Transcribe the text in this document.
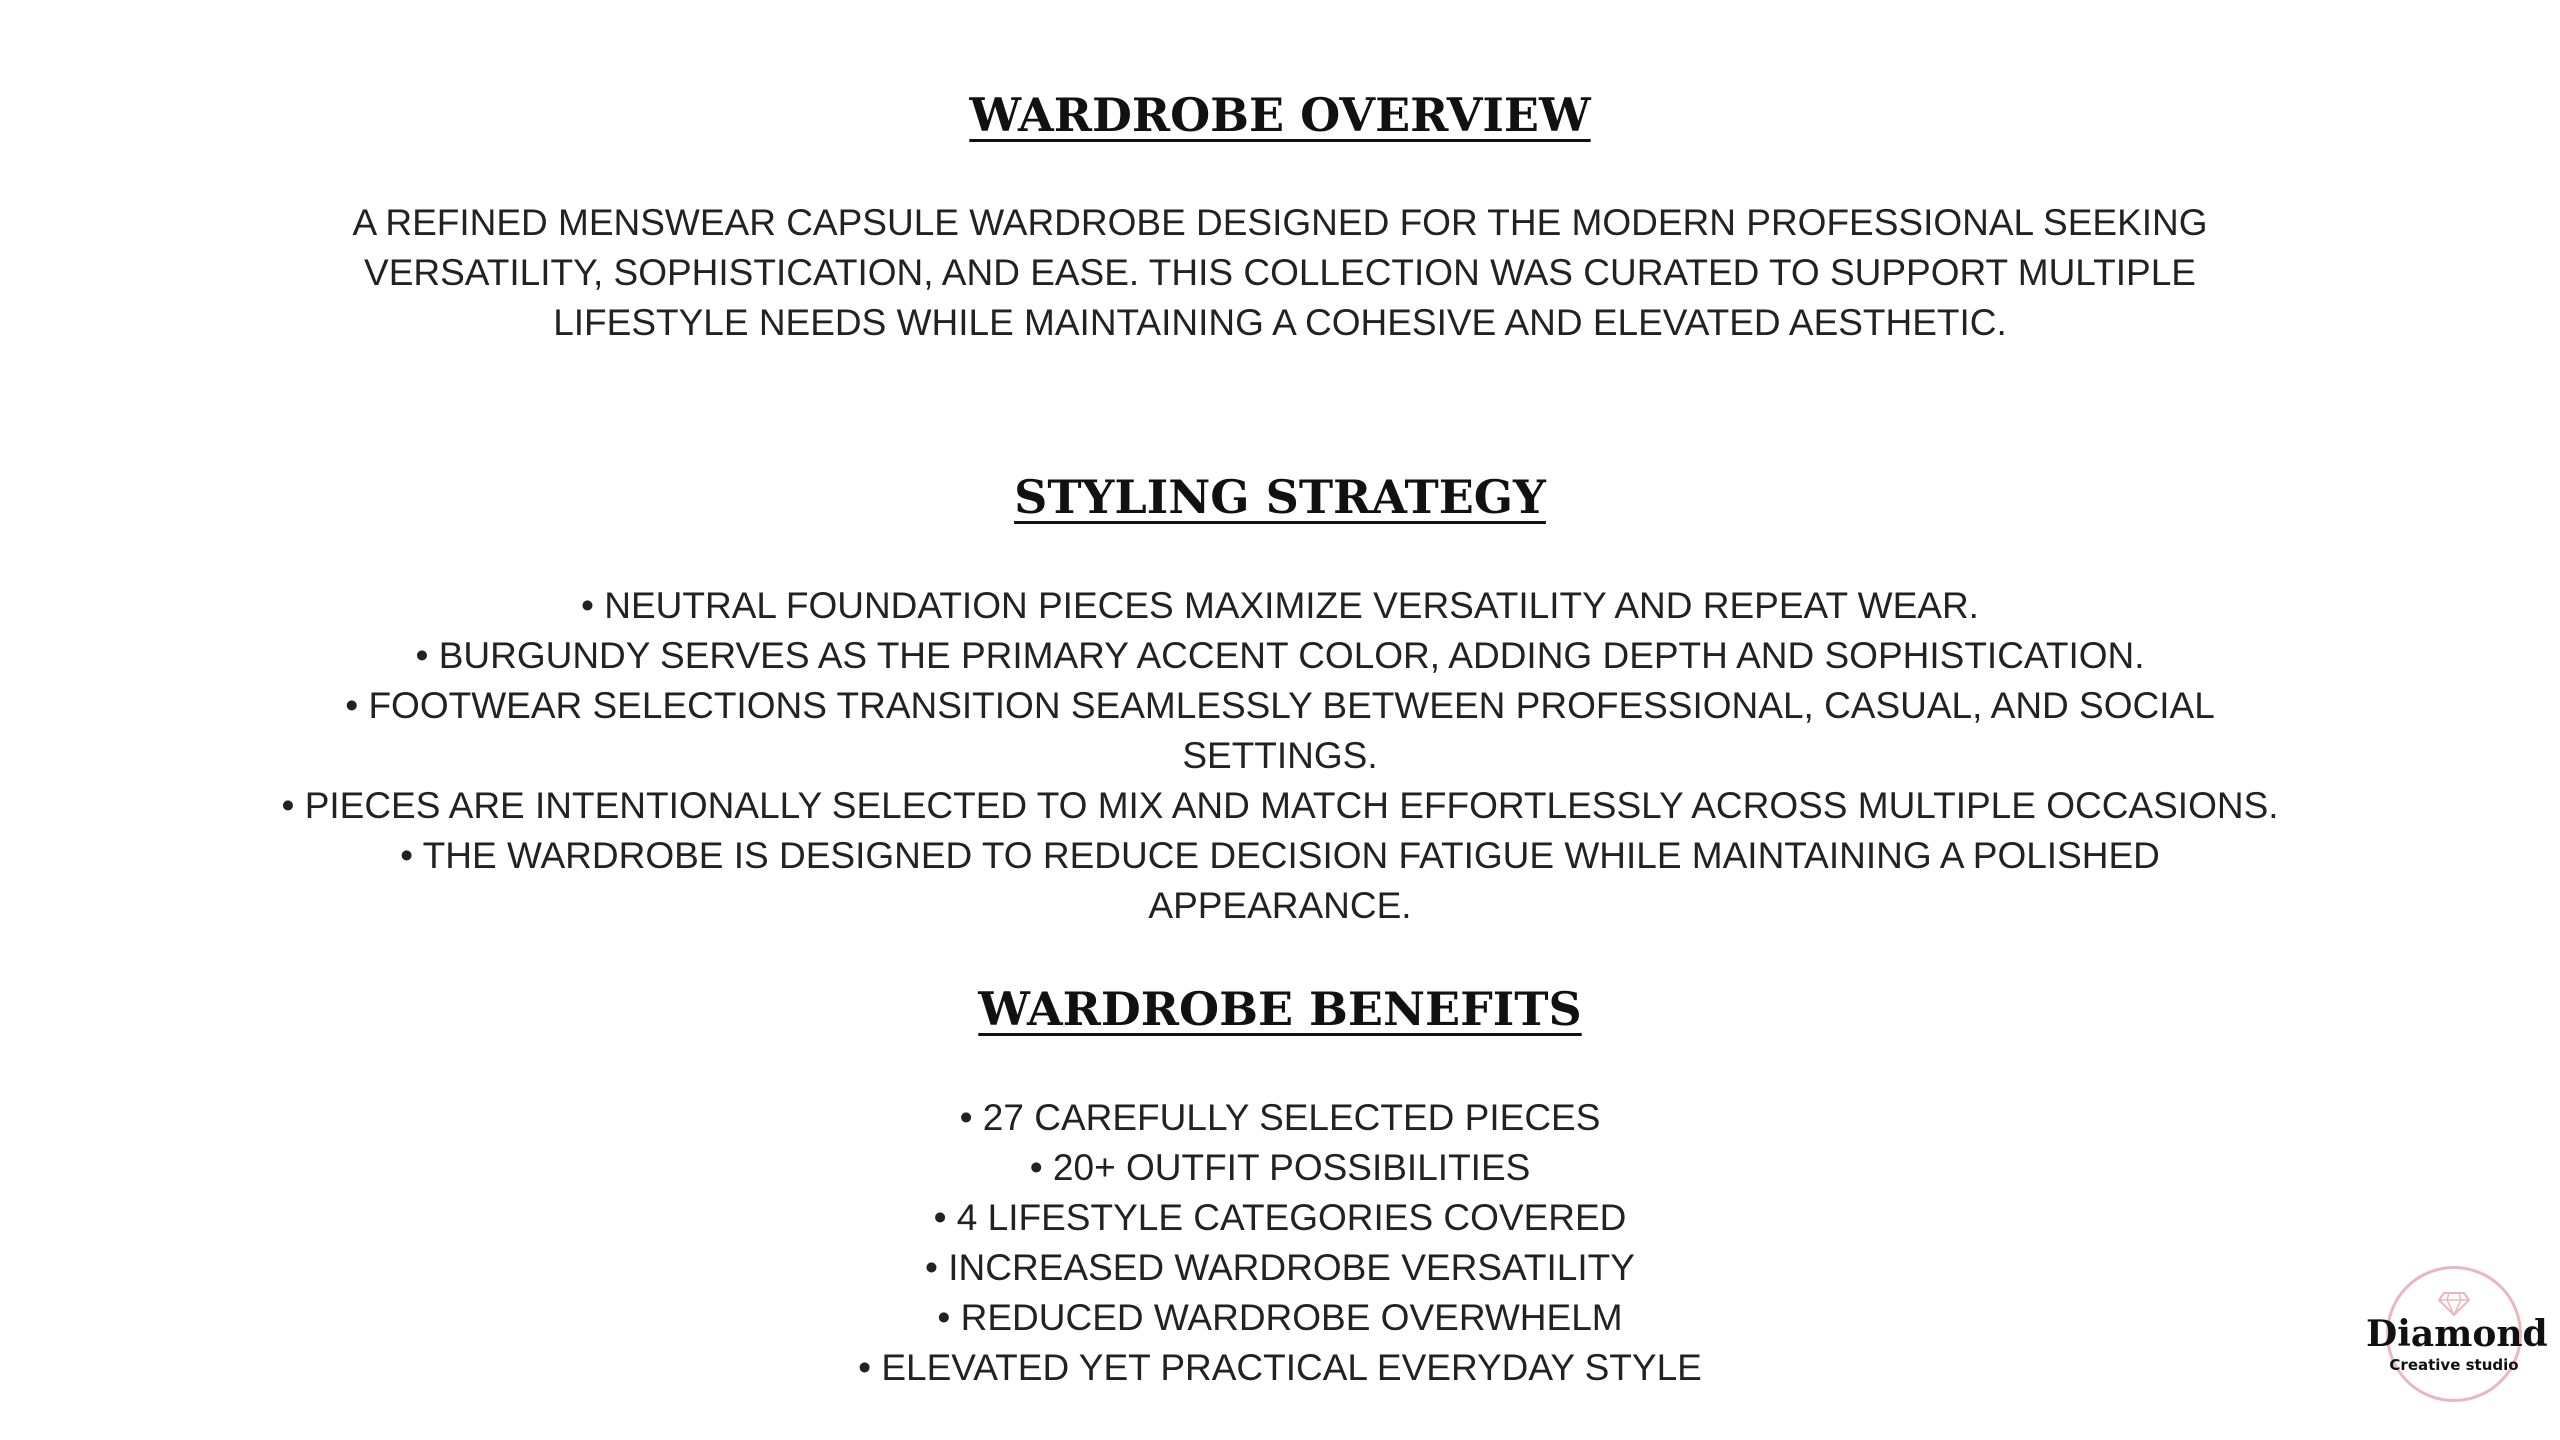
WARDROBE OVERVIEW
A REFINED MENSWEAR CAPSULE WARDROBE DESIGNED FOR THE MODERN PROFESSIONAL SEEKING
VERSATILITY, SOPHISTICATION, AND EASE. THIS COLLECTION WAS CURATED TO SUPPORT MULTIPLE
LIFESTYLE NEEDS WHILE MAINTAINING A COHESIVE AND ELEVATED AESTHETIC.
STYLING STRATEGY
• NEUTRAL FOUNDATION PIECES MAXIMIZE VERSATILITY AND REPEAT WEAR.
• BURGUNDY SERVES AS THE PRIMARY ACCENT COLOR, ADDING DEPTH AND SOPHISTICATION.
• FOOTWEAR SELECTIONS TRANSITION SEAMLESSLY BETWEEN PROFESSIONAL, CASUAL, AND SOCIAL
SETTINGS.
• PIECES ARE INTENTIONALLY SELECTED TO MIX AND MATCH EFFORTLESSLY ACROSS MULTIPLE OCCASIONS.
• THE WARDROBE IS DESIGNED TO REDUCE DECISION FATIGUE WHILE MAINTAINING A POLISHED
APPEARANCE.
WARDROBE BENEFITS
• 27 CAREFULLY SELECTED PIECES
• 20+ OUTFIT POSSIBILITIES
• 4 LIFESTYLE CATEGORIES COVERED
• INCREASED WARDROBE VERSATILITY
• REDUCED WARDROBE OVERWHELM
• ELEVATED YET PRACTICAL EVERYDAY STYLE
Diamond
Creative studio
